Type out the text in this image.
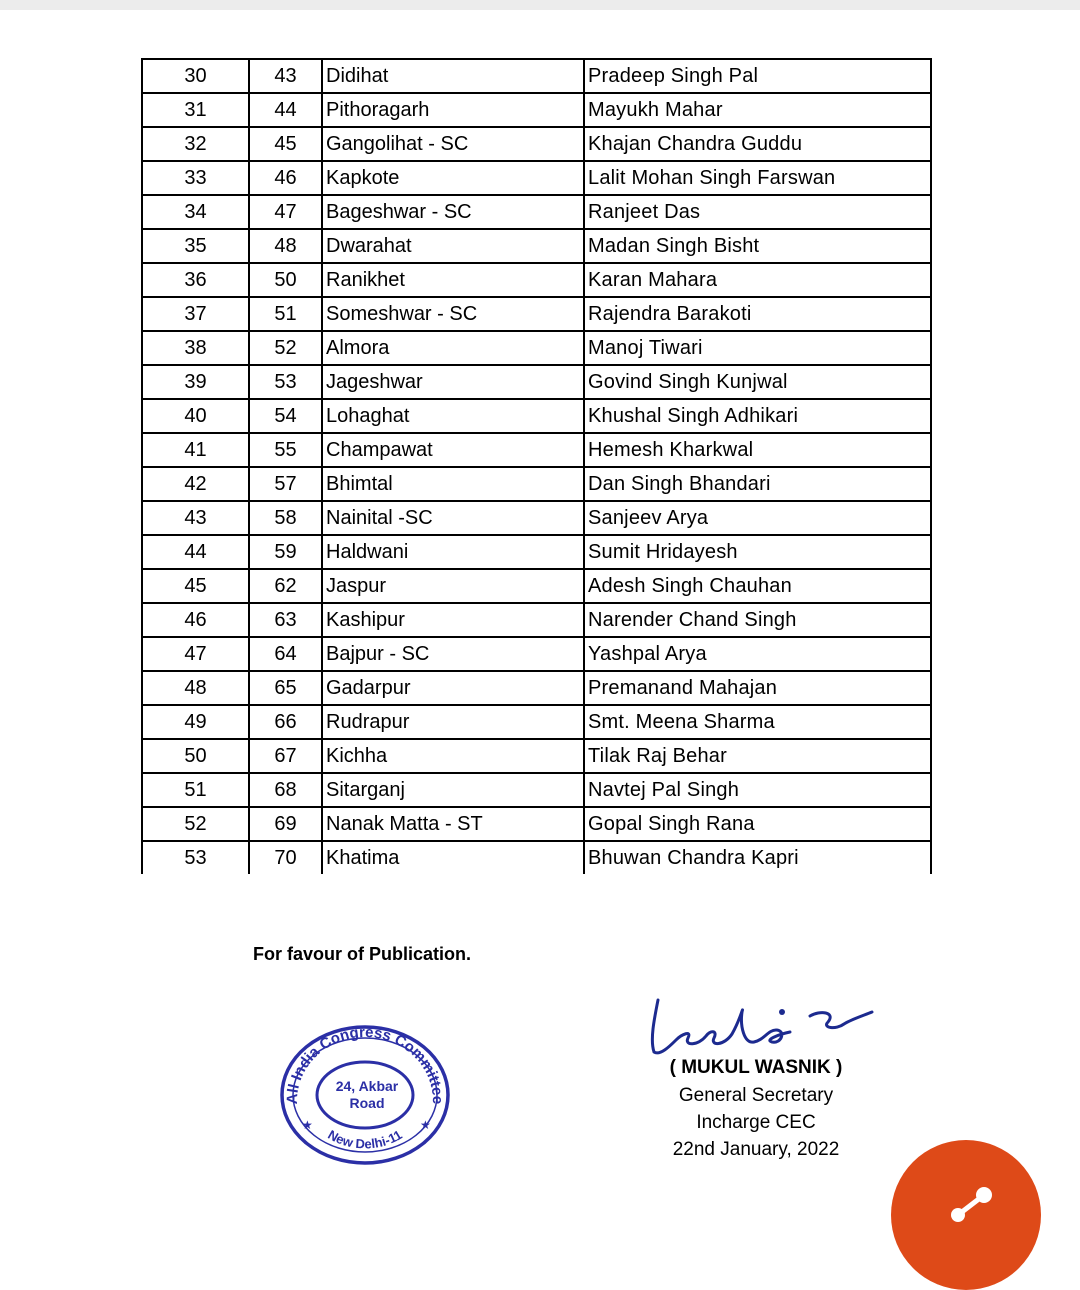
30	43	Didihat	Pradeep Singh Pal
31	44	Pithoragarh	Mayukh Mahar
32	45	Gangolihat - SC	Khajan Chandra Guddu
33	46	Kapkote	Lalit Mohan Singh Farswan
34	47	Bageshwar - SC	Ranjeet Das
35	48	Dwarahat	Madan Singh Bisht
36	50	Ranikhet	Karan Mahara
37	51	Someshwar - SC	Rajendra Barakoti
38	52	Almora	Manoj Tiwari
39	53	Jageshwar	Govind Singh Kunjwal
40	54	Lohaghat	Khushal Singh Adhikari
41	55	Champawat	Hemesh Kharkwal
42	57	Bhimtal	Dan Singh Bhandari
43	58	Nainital -SC	Sanjeev Arya
44	59	Haldwani	Sumit Hridayesh
45	62	Jaspur	Adesh Singh Chauhan
46	63	Kashipur	Narender Chand Singh
47	64	Bajpur - SC	Yashpal Arya
48	65	Gadarpur	Premanand Mahajan
49	66	Rudrapur	Smt. Meena Sharma
50	67	Kichha	Tilak Raj Behar
51	68	Sitarganj	Navtej Pal Singh
52	69	Nanak Matta - ST	Gopal Singh Rana
53	70	Khatima	Bhuwan Chandra Kapri
For favour of Publication.
All India Congress Committee
New Delhi-11
★	★
24, Akbar
Road
( MUKUL WASNIK )
General Secretary
Incharge CEC
22nd January, 2022
